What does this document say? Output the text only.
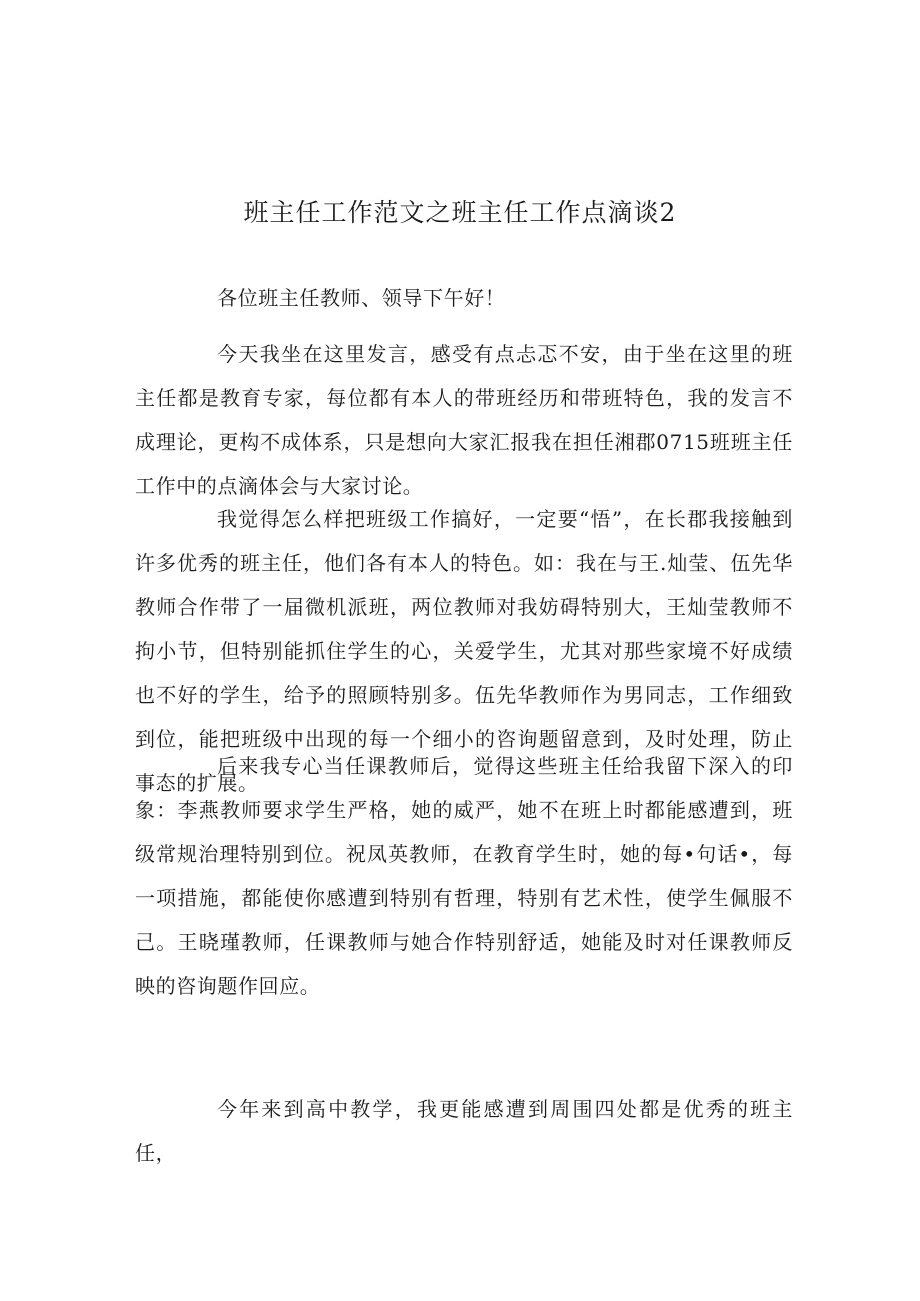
班主任工作范文之班主任工作点滴谈2

各位班主任教师、领导下午好！

今天我坐在这里发言，感受有点忐忑不安，由于坐在这里的班主任都是教育专家，每位都有本人的带班经历和带班特色，我的发言不成理论，更构不成体系，只是想向大家汇报我在担任湘郡0715班班主任工作中的点滴体会与大家讨论。

我觉得怎么样把班级工作搞好，一定要“悟”，在长郡我接触到许多优秀的班主任，他们各有本人的特色。如：我在与王.灿莹、伍先华教师合作带了一届微机派班，两位教师对我妨碍特别大，王灿莹教师不拘小节，但特别能抓住学生的心，关爱学生，尤其对那些家境不好成绩也不好的学生，给予的照顾特别多。伍先华教师作为男同志，工作细致到位，能把班级中出现的每一个细小的咨询题留意到，及时处理，防止事态的扩展。

后来我专心当任课教师后，觉得这些班主任给我留下深入的印象：李燕教师要求学生严格，她的威严，她不在班上时都能感遭到，班级常规治理特别到位。祝凤英教师，在教育学生时，她的每•句话•，每一项措施，都能使你感遭到特别有哲理，特别有艺术性，使学生佩服不己。王晓瑾教师，任课教师与她合作特别舒适，她能及时对任课教师反映的咨询题作回应。

今年来到高中教学，我更能感遭到周围四处都是优秀的班主任，
